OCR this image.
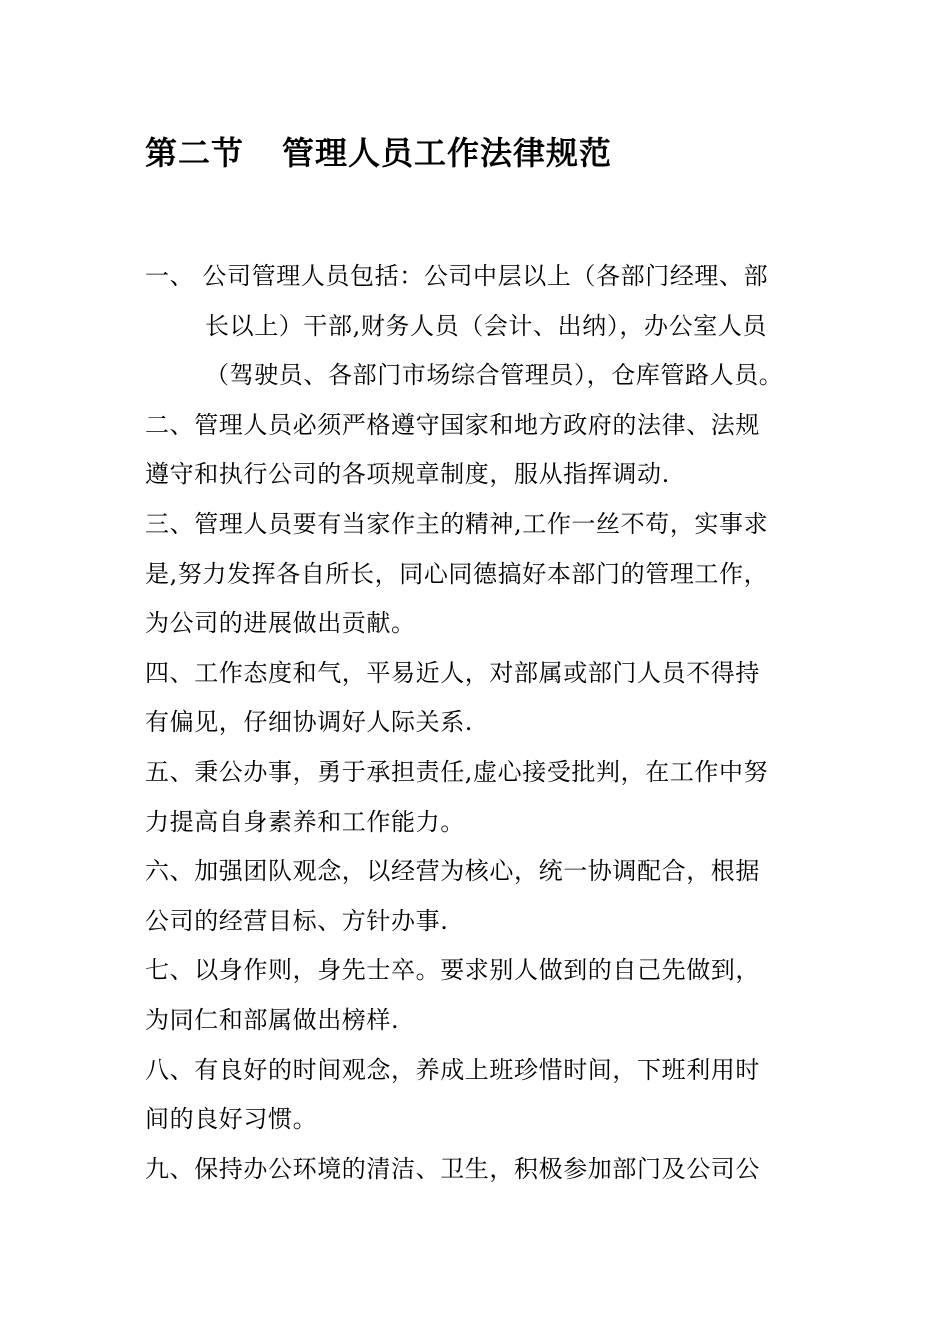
第二节 管理人员工作法律规范
一、 公司管理人员包括：公司中层以上（各部门经理、部
长以上）干部,财务人员（会计、出纳），办公室人员
（驾驶员、各部门市场综合管理员），仓库管路人员。
二、管理人员必须严格遵守国家和地方政府的法律、法规
遵守和执行公司的各项规章制度，服从指挥调动.
三、管理人员要有当家作主的精神,工作一丝不苟，实事求
是,努力发挥各自所长，同心同德搞好本部门的管理工作，
为公司的进展做出贡献。
四、工作态度和气，平易近人，对部属或部门人员不得持
有偏见，仔细协调好人际关系.
五、秉公办事，勇于承担责任,虚心接受批判，在工作中努
力提高自身素养和工作能力。
六、加强团队观念，以经营为核心，统一协调配合，根据
公司的经营目标、方针办事.
七、以身作则，身先士卒。要求别人做到的自己先做到，
为同仁和部属做出榜样.
八、有良好的时间观念，养成上班珍惜时间，下班利用时
间的良好习惯。
九、保持办公环境的清洁、卫生，积极参加部门及公司公
